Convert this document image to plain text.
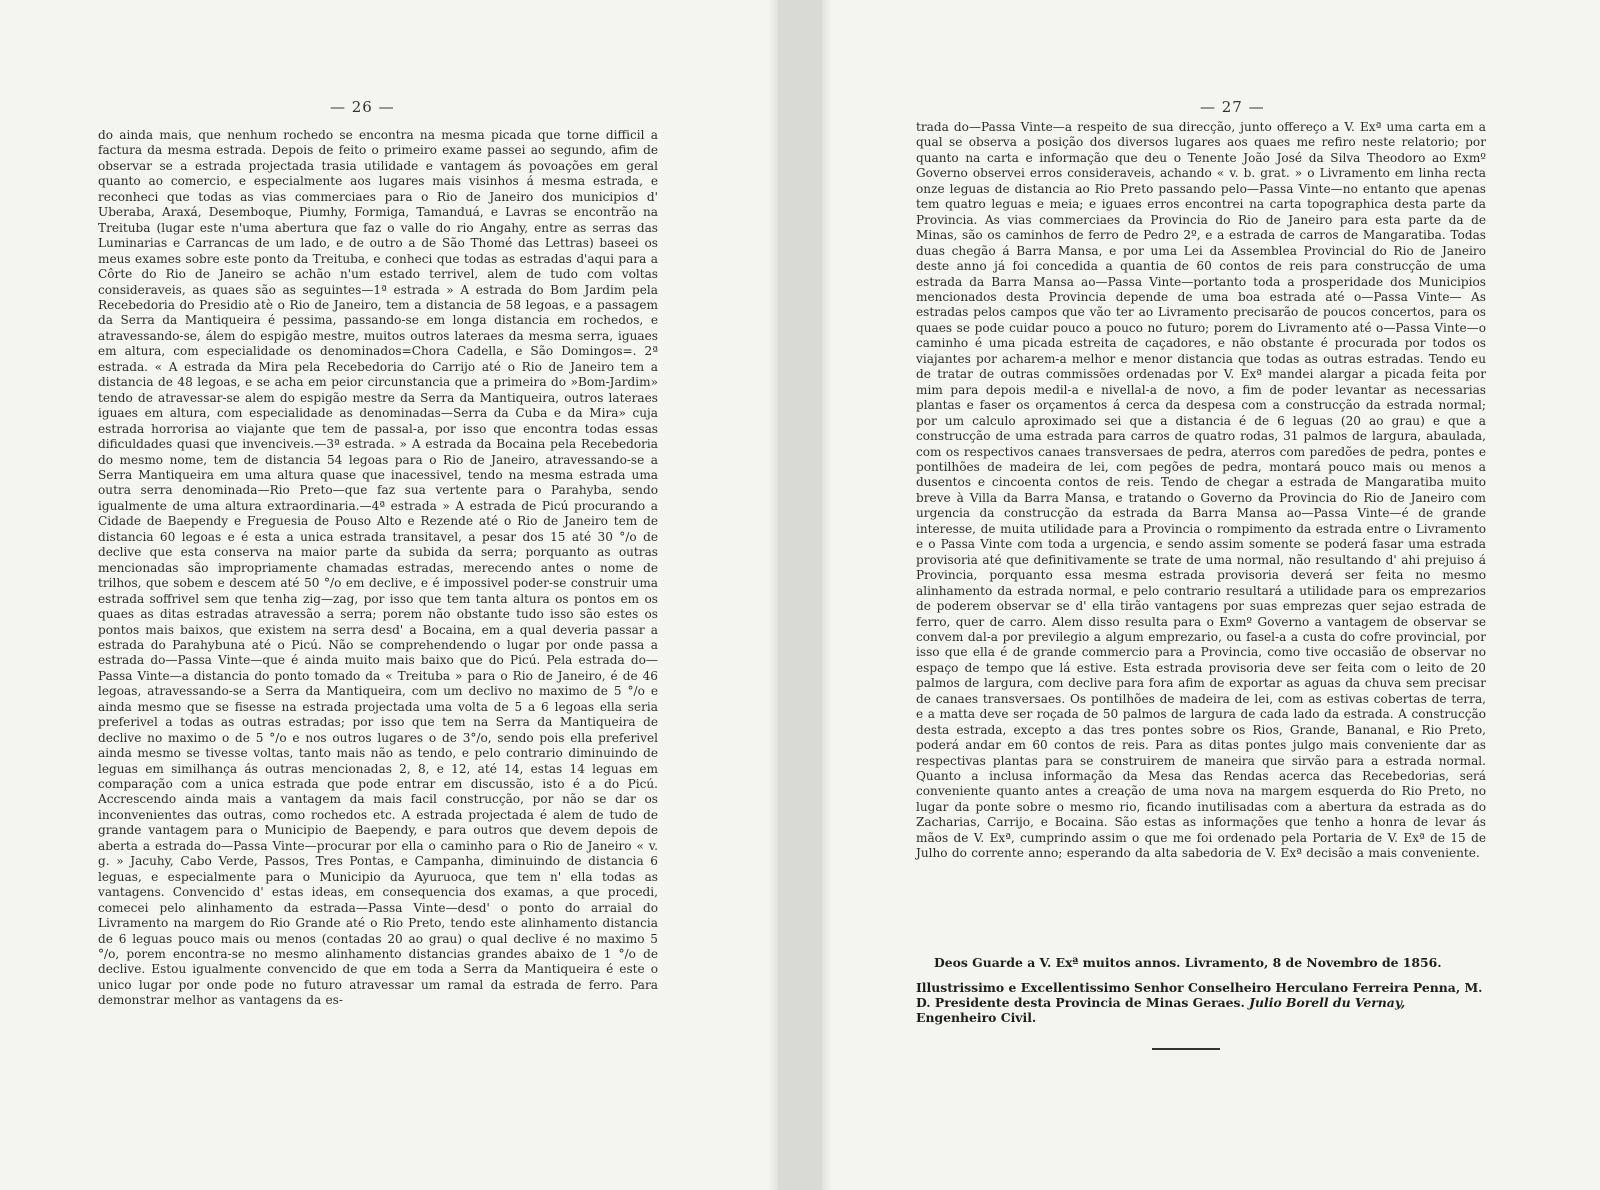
— 26 —

do ainda mais, que nenhum rochedo se encontra na mesma picada que torne difficil a factura da mesma estrada. Depois de feito o primeiro exame passei ao segundo, afim de observar se a estrada projectada trasia utilidade e vantagem ás povoações em geral quanto ao comercio, e especialmente aos lugares mais visinhos á mesma estrada, e reconheci que todas as vias commerciaes para o Rio de Janeiro dos municipios d' Uberaba, Araxá, Desemboque, Piumhy, Formiga, Tamanduá, e Lavras se encontrão na Treituba (lugar este n'uma abertura que faz o valle do rio Angahy, entre as serras das Luminarias e Carrancas de um lado, e de outro a de São Thomé das Lettras) baseei os meus exames sobre este ponto da Treituba, e conheci que todas as estradas d'aqui para a Côrte do Rio de Janeiro se achão n'um estado terrivel, alem de tudo com voltas consideraveis, as quaes são as seguintes—1ª estrada » A estrada do Bom Jardim pela Recebedoria do Presidio atè o Rio de Janeiro, tem a distancia de 58 legoas, e a passagem da Serra da Mantiqueira é pessima, passando-se em longa distancia em rochedos, e atravessando-se, álem do espigão mestre, muitos outros lateraes da mesma serra, iguaes em altura, com especialidade os denominados=Chora Cadella, e São Domingos=. 2ª estrada. « A estrada da Mira pela Recebedoria do Carrijo até o Rio de Janeiro tem a distancia de 48 legoas, e se acha em peior circunstancia que a primeira do »Bom-Jardim» tendo de atravessar-se alem do espigão mestre da Serra da Mantiqueira, outros lateraes iguaes em altura, com especialidade as denominadas—Serra da Cuba e da Mira» cuja estrada horrorisa ao viajante que tem de passal-a, por isso que encontra todas essas dificuldades quasi que invenciveis.—3ª estrada. » A estrada da Bocaina pela Recebedoria do mesmo nome, tem de distancia 54 legoas para o Rio de Janeiro, atravessando-se a Serra Mantiqueira em uma altura quase que inacessivel, tendo na mesma estrada uma outra serra denominada—Rio Preto—que faz sua vertente para o Parahyba, sendo igualmente de uma altura extraordinaria.—4ª estrada » A estrada de Picú procurando a Cidade de Baependy e Freguesia de Pouso Alto e Rezende até o Rio de Janeiro tem de distancia 60 legoas e é esta a unica estrada transitavel, a pesar dos 15 até 30 °/o de declive que esta conserva na maior parte da subida da serra; porquanto as outras mencionadas são impropriamente chamadas estradas, merecendo antes o nome de trilhos, que sobem e descem até 50 °/o em declive, e é impossivel poder-se construir uma estrada soffrivel sem que tenha zig—zag, por isso que tem tanta altura os pontos em os quaes as ditas estradas atravessão a serra; porem não obstante tudo isso são estes os pontos mais baixos, que existem na serra desd' a Bocaina, em a qual deveria passar a estrada do Parahybuna até o Picú. Não se comprehendendo o lugar por onde passa a estrada do—Passa Vinte—que é ainda muito mais baixo que do Picú. Pela estrada do—Passa Vinte—a distancia do ponto tomado da « Treituba » para o Rio de Janeiro, é de 46 legoas, atravessando-se a Serra da Mantiqueira, com um declivo no maximo de 5 °/o e ainda mesmo que se fisesse na estrada projectada uma volta de 5 a 6 legoas ella seria preferivel a todas as outras estradas; por isso que tem na Serra da Mantiqueira de declive no maximo o de 5 °/o e nos outros lugares o de 3°/o, sendo pois ella preferivel ainda mesmo se tivesse voltas, tanto mais não as tendo, e pelo contrario diminuindo de leguas em similhança ás outras mencionadas 2, 8, e 12, até 14, estas 14 leguas em comparação com a unica estrada que pode entrar em discussão, isto é a do Picú. Accrescendo ainda mais a vantagem da mais facil construcção, por não se dar os inconvenientes das outras, como rochedos etc. A estrada projectada é alem de tudo de grande vantagem para o Municipio de Baependy, e para outros que devem depois de aberta a estrada do—Passa Vinte—procurar por ella o caminho para o Rio de Janeiro « v. g. » Jacuhy, Cabo Verde, Passos, Tres Pontas, e Campanha, diminuindo de distancia 6 leguas, e especialmente para o Municipio da Ayuruoca, que tem n' ella todas as vantagens. Convencido d' estas ideas, em consequencia dos examas, a que procedi, comecei pelo alinhamento da estrada—Passa Vinte—desd' o ponto do arraial do Livramento na margem do Rio Grande até o Rio Preto, tendo este alinhamento distancia de 6 leguas pouco mais ou menos (contadas 20 ao grau) o qual declive é no maximo 5 °/o, porem encontra-se no mesmo alinhamento distancias grandes abaixo de 1 °/o de declive. Estou igualmente convencido de que em toda a Serra da Mantiqueira é este o unico lugar por onde pode no futuro atravessar um ramal da estrada de ferro. Para demonstrar melhor as vantagens da es-

— 27 —

trada do—Passa Vinte—a respeito de sua direcção, junto offereço a V. Exª uma carta em a qual se observa a posição dos diversos lugares aos quaes me refiro neste relatorio; por quanto na carta e informação que deu o Tenente João José da Silva Theodoro ao Exmº Governo observei erros consideraveis, achando « v. b. grat. » o Livramento em linha recta onze leguas de distancia ao Rio Preto passando pelo—Passa Vinte—no entanto que apenas tem quatro leguas e meia; e iguaes erros encontrei na carta topographica desta parte da Provincia. As vias commerciaes da Provincia do Rio de Janeiro para esta parte da de Minas, são os caminhos de ferro de Pedro 2º, e a estrada de carros de Mangaratiba. Todas duas chegão á Barra Mansa, e por uma Lei da Assemblea Provincial do Rio de Janeiro deste anno já foi concedida a quantia de 60 contos de reis para construcção de uma estrada da Barra Mansa ao—Passa Vinte—portanto toda a prosperidade dos Municipios mencionados desta Provincia depende de uma boa estrada até o—Passa Vinte— As estradas pelos campos que vão ter ao Livramento precisarão de poucos concertos, para os quaes se pode cuidar pouco a pouco no futuro; porem do Livramento até o—Passa Vinte—o caminho é uma picada estreita de caçadores, e não obstante é procurada por todos os viajantes por acharem-a melhor e menor distancia que todas as outras estradas. Tendo eu de tratar de outras commissões ordenadas por V. Exª mandei alargar a picada feita por mim para depois medil-a e nivellal-a de novo, a fim de poder levantar as necessarias plantas e faser os orçamentos á cerca da despesa com a construcção da estrada normal; por um calculo aproximado sei que a distancia é de 6 leguas (20 ao grau) e que a construcção de uma estrada para carros de quatro rodas, 31 palmos de largura, abaulada, com os respectivos canaes transversaes de pedra, aterros com paredões de pedra, pontes e pontilhões de madeira de lei, com pegões de pedra, montará pouco mais ou menos a dusentos e cincoenta contos de reis. Tendo de chegar a estrada de Mangaratiba muito breve à Villa da Barra Mansa, e tratando o Governo da Provincia do Rio de Janeiro com urgencia da construcção da estrada da Barra Mansa ao—Passa Vinte—é de grande interesse, de muita utilidade para a Provincia o rompimento da estrada entre o Livramento e o Passa Vinte com toda a urgencia, e sendo assim somente se poderá fasar uma estrada provisoria até que definitivamente se trate de uma normal, não resultando d' ahi prejuiso á Provincia, porquanto essa mesma estrada provisoria deverá ser feita no mesmo alinhamento da estrada normal, e pelo contrario resultará a utilidade para os emprezarios de poderem observar se d' ella tirão vantagens por suas emprezas quer sejao estrada de ferro, quer de carro. Alem disso resulta para o Exmº Governo a vantagem de observar se convem dal-a por previlegio a algum emprezario, ou fasel-a a custa do cofre provincial, por isso que ella é de grande commercio para a Provincia, como tive occasião de observar no espaço de tempo que lá estive. Esta estrada provisoria deve ser feita com o leito de 20 palmos de largura, com declive para fora afim de exportar as aguas da chuva sem precisar de canaes transversaes. Os pontilhões de madeira de lei, com as estivas cobertas de terra, e a matta deve ser roçada de 50 palmos de largura de cada lado da estrada. A construcção desta estrada, excepto a das tres pontes sobre os Rios, Grande, Bananal, e Rio Preto, poderá andar em 60 contos de reis. Para as ditas pontes julgo mais conveniente dar as respectivas plantas para se construirem de maneira que sirvão para a estrada normal. Quanto a inclusa informação da Mesa das Rendas acerca das Recebedorias, será conveniente quanto antes a creação de uma nova na margem esquerda do Rio Preto, no lugar da ponte sobre o mesmo rio, ficando inutilisadas com a abertura da estrada as do Zacharias, Carrijo, e Bocaina. São estas as informações que tenho a honra de levar ás mãos de V. Exª, cumprindo assim o que me foi ordenado pela Portaria de V. Exª de 15 de Julho do corrente anno; esperando da alta sabedoria de V. Exª decisão a mais conveniente.

Deos Guarde a V. Exª muitos annos. Livramento, 8 de Novembro de 1856.
Illustrissimo e Excellentissimo Senhor Conselheiro Herculano Ferreira Penna, M. D. Presidente desta Provincia de Minas Geraes. Julio Borell du Vernay, Engenheiro Civil.
